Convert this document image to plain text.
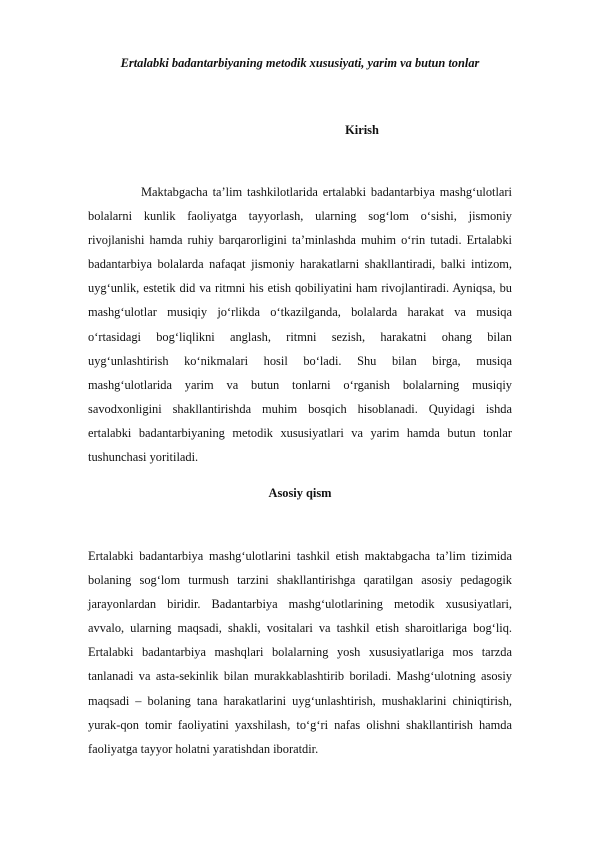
Ertalabki badantarbiyaning metodik xususiyati, yarim va butun tonlar
Kirish
Maktabgacha ta’lim tashkilotlarida ertalabki badantarbiya mashg‘ulotlari
bolalarni kunlik faoliyatga tayyorlash, ularning sog‘lom o‘sishi, jismoniy
rivojlanishi hamda ruhiy barqarorligini ta’minlashda muhim o‘rin tutadi. Ertalabki
badantarbiya bolalarda nafaqat jismoniy harakatlarni shakllantiradi, balki intizom,
uyg‘unlik, estetik did va ritmni his etish qobiliyatini ham rivojlantiradi. Ayniqsa, bu
mashg‘ulotlar musiqiy jo‘rlikda o‘tkazilganda, bolalarda harakat va musiqa
o‘rtasidagi bog‘liqlikni anglash, ritmni sezish, harakatni ohang bilan
uyg‘unlashtirish ko‘nikmalari hosil bo‘ladi. Shu bilan birga, musiqa
mashg‘ulotlarida yarim va butun tonlarni o‘rganish bolalarning musiqiy
savodxonligini shakllantirishda muhim bosqich hisoblanadi. Quyidagi ishda
ertalabki badantarbiyaning metodik xususiyatlari va yarim hamda butun tonlar
tushunchasi yoritiladi.
Asosiy qism
Ertalabki badantarbiya mashg‘ulotlarini tashkil etish maktabgacha ta’lim tizimida
bolaning sog‘lom turmush tarzini shakllantirishga qaratilgan asosiy pedagogik
jarayonlardan biridir. Badantarbiya mashg‘ulotlarining metodik xususiyatlari,
avvalo, ularning maqsadi, shakli, vositalari va tashkil etish sharoitlariga bog‘liq.
Ertalabki badantarbiya mashqlari bolalarning yosh xususiyatlariga mos tarzda
tanlanadi va asta-sekinlik bilan murakkablashtirib boriladi. Mashg‘ulotning asosiy
maqsadi – bolaning tana harakatlarini uyg‘unlashtirish, mushaklarini chiniqtirish,
yurak-qon tomir faoliyatini yaxshilash, to‘g‘ri nafas olishni shakllantirish hamda
faoliyatga tayyor holatni yaratishdan iboratdir.
